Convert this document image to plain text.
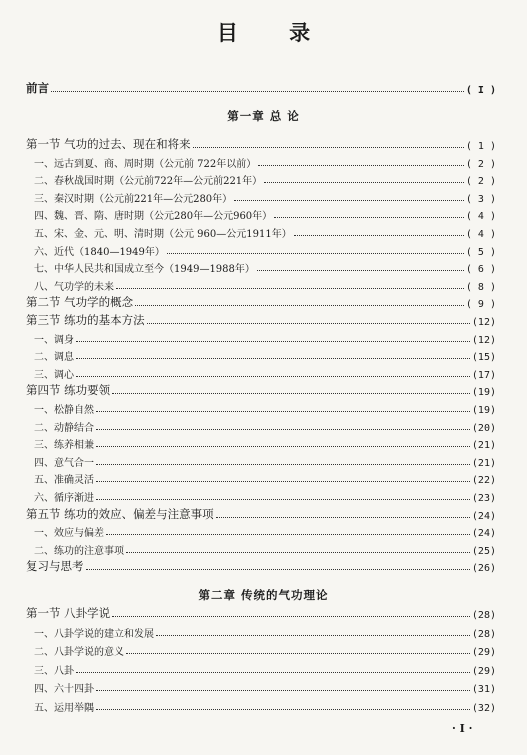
目 录
前言	( I )
第一章 总 论
第一节 气功的过去、现在和将来	( 1 )
一、远古到夏、商、周时期（公元前 722年以前）	( 2 )
二、春秋战国时期（公元前722年—公元前221年）	( 2 )
三、秦汉时期（公元前221年—公元280年）	( 3 )
四、魏、晋、隋、唐时期（公元280年—公元960年）	( 4 )
五、宋、金、元、明、清时期（公元 960—公元1911年）	( 4 )
六、近代（1840—1949年）	( 5 )
七、中华人民共和国成立至今（1949—1988年）	( 6 )
八、气功学的未来	( 8 )
第二节 气功学的概念	( 9 )
第三节 练功的基本方法	(12)
一、调身	(12)
二、调息	(15)
三、调心	(17)
第四节 练功要领	(19)
一、松静自然	(19)
二、动静结合	(20)
三、练养相兼	(21)
四、意气合一	(21)
五、准确灵活	(22)
六、循序渐进	(23)
第五节 练功的效应、偏差与注意事项	(24)
一、效应与偏差	(24)
二、练功的注意事项	(25)
复习与思考	(26)
第二章 传统的气功理论
第一节 八卦学说	(28)
一、八卦学说的建立和发展	(28)
二、八卦学说的意义	(29)
三、八卦	(29)
四、六十四卦	(31)
五、运用举隅	(32)
· Ⅰ ·
